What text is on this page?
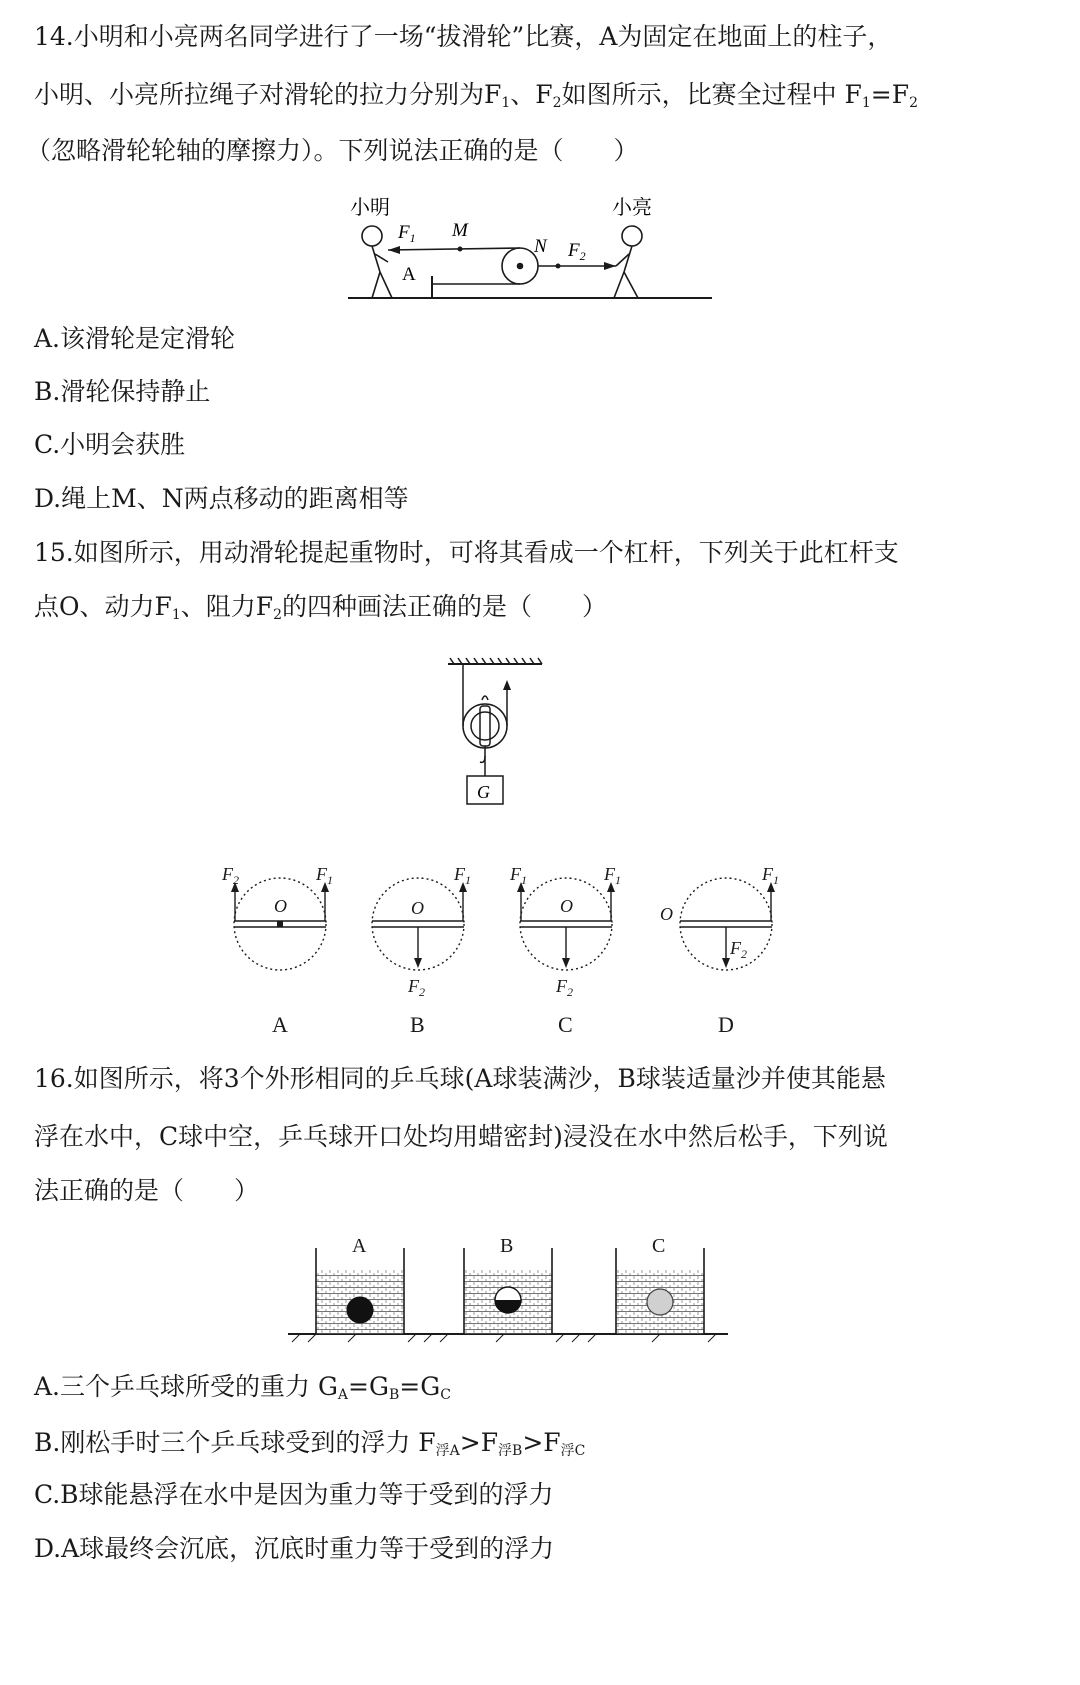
14.小明和小亮两名同学进行了一场“拔滑轮”比赛，A为固定在地面上的柱子，
小明、小亮所拉绳子对滑轮的拉力分别为$F_1$、$F_2$如图所示，比赛全过程中 $F_1=F_2$
（忽略滑轮轮轴的摩擦力）。下列说法正确的是（　　）
小明	小亮
$F_1$ M
N $F_2$
A
A.该滑轮是定滑轮
B.滑轮保持静止
C.小明会获胜
D.绳上M、N两点移动的距离相等
15.如图所示，用动滑轮提起重物时，可将其看成一个杠杆，下列关于此杠杆支
点O、动力$F_1$、阻力$F_2$的四种画法正确的是（　　）
G
$F_2$	$F_1$
O
$F_1$
O
$F_2$
$F_1$	$F_1$
O
$F_2$
$F_1$
O
$F_2$
A	B	C	D
16.如图所示，将3个外形相同的乒乓球(A球装满沙，B球装适量沙并使其能悬
浮在水中，C球中空，乒乓球开口处均用蜡密封)浸没在水中然后松手，下列说
法正确的是（　　）
A	B	C
A.三个乒乓球所受的重力 $G_A=G_B=G_C$
B.刚松手时三个乒乓球受到的浮力 $F_{浮A}>F_{浮B}>F_{浮C}$
C.B球能悬浮在水中是因为重力等于受到的浮力
D.A球最终会沉底，沉底时重力等于受到的浮力
